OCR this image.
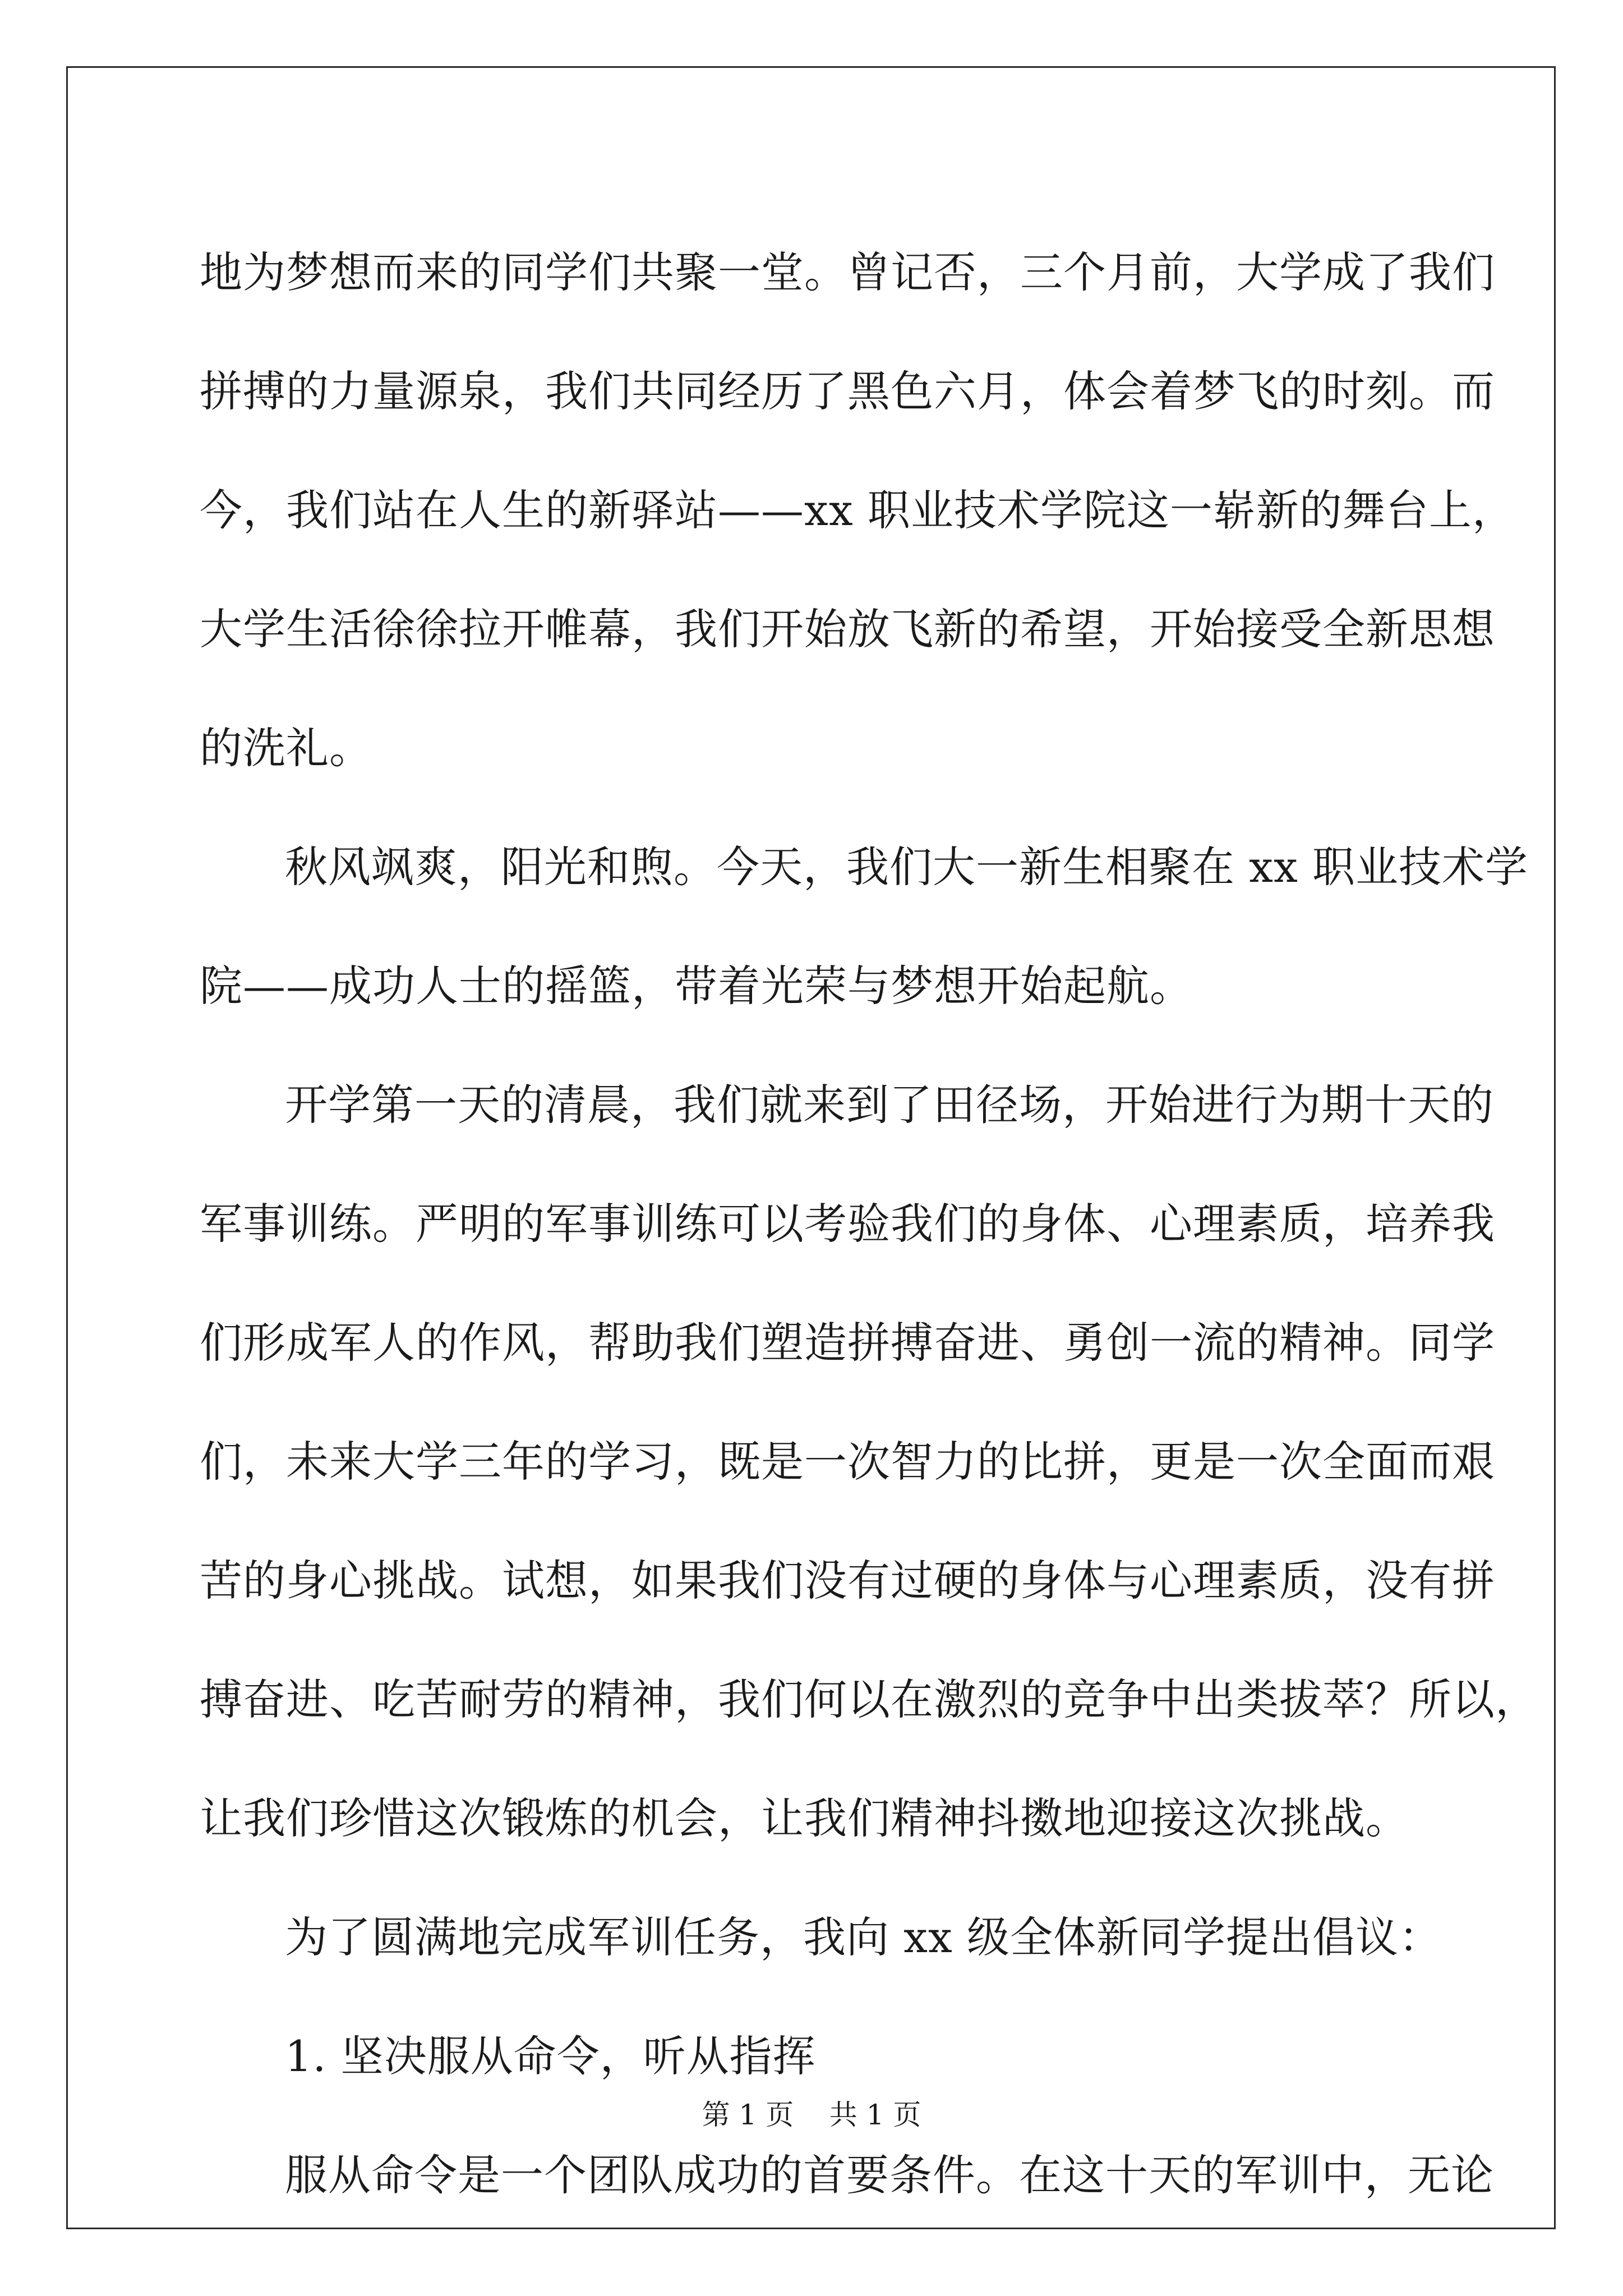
地为梦想而来的同学们共聚一堂。曾记否，三个月前，大学成了我们
拼搏的力量源泉，我们共同经历了黑色六月，体会着梦飞的时刻。而
今，我们站在人生的新驿站——xx 职业技术学院这一崭新的舞台上，
大学生活徐徐拉开帷幕，我们开始放飞新的希望，开始接受全新思想
的洗礼。
秋风飒爽，阳光和煦。今天，我们大一新生相聚在 xx 职业技术学
院——成功人士的摇篮，带着光荣与梦想开始起航。
开学第一天的清晨，我们就来到了田径场，开始进行为期十天的
军事训练。严明的军事训练可以考验我们的身体、心理素质，培养我
们形成军人的作风，帮助我们塑造拼搏奋进、勇创一流的精神。同学
们，未来大学三年的学习，既是一次智力的比拼，更是一次全面而艰
苦的身心挑战。试想，如果我们没有过硬的身体与心理素质，没有拼
搏奋进、吃苦耐劳的精神，我们何以在激烈的竞争中出类拔萃？所以，
让我们珍惜这次锻炼的机会，让我们精神抖擞地迎接这次挑战。
为了圆满地完成军训任务，我向 xx 级全体新同学提出倡议：
1. 坚决服从命令，听从指挥
服从命令是一个团队成功的首要条件。在这十天的军训中，无论
第 1 页    共 1 页
